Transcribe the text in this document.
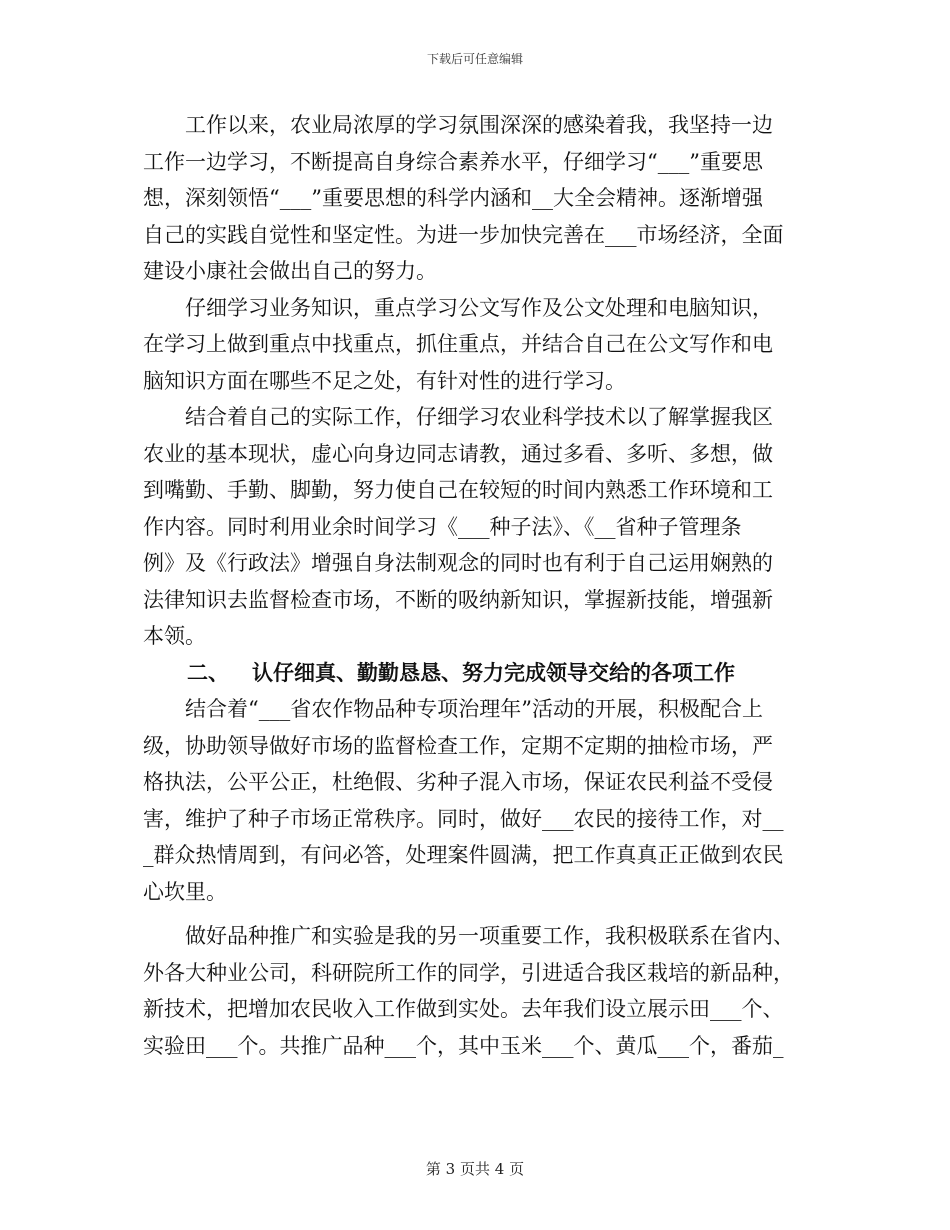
下载后可任意编辑
　　工作以来，农业局浓厚的学习氛围深深的感染着我，我坚持一边
工作一边学习，不断提高自身综合素养水平，仔细学习“___”重要思
想，深刻领悟“___”重要思想的科学内涵和__大全会精神。逐渐增强
自己的实践自觉性和坚定性。为进一步加快完善在___市场经济，全面
建设小康社会做出自己的努力。
　　仔细学习业务知识，重点学习公文写作及公文处理和电脑知识，
在学习上做到重点中找重点，抓住重点，并结合自己在公文写作和电
脑知识方面在哪些不足之处，有针对性的进行学习。
　　结合着自己的实际工作，仔细学习农业科学技术以了解掌握我区
农业的基本现状，虚心向身边同志请教，通过多看、多听、多想，做
到嘴勤、手勤、脚勤，努力使自己在较短的时间内熟悉工作环境和工
作内容。同时利用业余时间学习《___种子法》、《__省种子管理条
例》及《行政法》增强自身法制观念的同时也有利于自己运用娴熟的
法律知识去监督检查市场，不断的吸纳新知识，掌握新技能，增强新
本领。
二、 认仔细真、勤勤恳恳、努力完成领导交给的各项工作
　　结合着“___省农作物品种专项治理年”活动的开展，积极配合上
级，协助领导做好市场的监督检查工作，定期不定期的抽检市场，严
格执法，公平公正，杜绝假、劣种子混入市场，保证农民利益不受侵
害，维护了种子市场正常秩序。同时，做好___农民的接待工作，对__
_群众热情周到，有问必答，处理案件圆满，把工作真真正正做到农民
心坎里。
　　做好品种推广和实验是我的另一项重要工作，我积极联系在省内、
外各大种业公司，科研院所工作的同学，引进适合我区栽培的新品种，
新技术，把增加农民收入工作做到实处。去年我们设立展示田___个、
实验田___个。共推广品种___个，其中玉米___个、黄瓜___个，番茄_
第 3 页共 4 页
